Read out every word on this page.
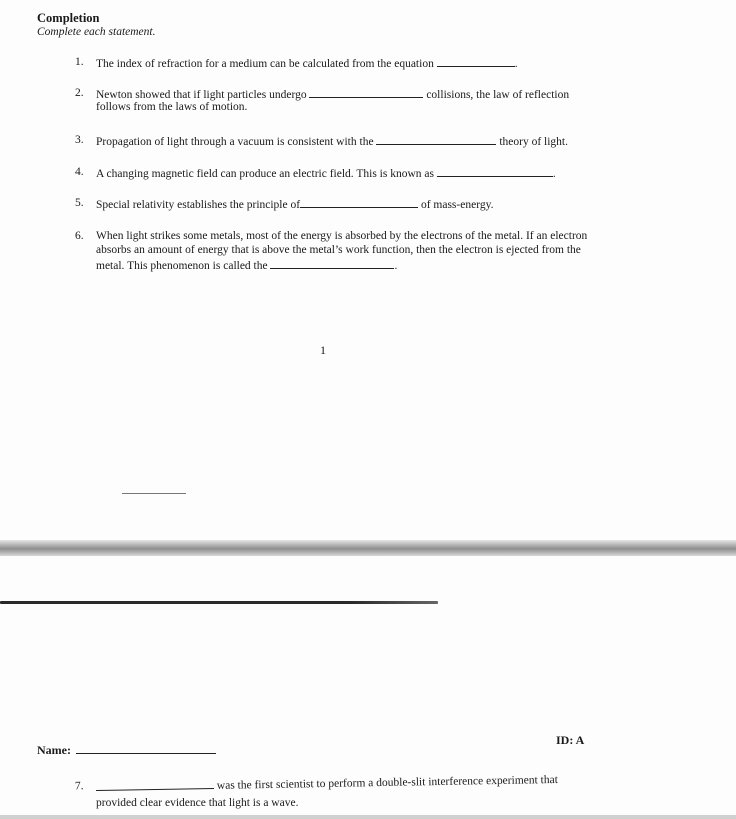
Completion
Complete each statement.
1. The index of refraction for a medium can be calculated from the equation	.
2. Newton showed that if light particles undergo	collisions, the law of reflection
follows from the laws of motion.
3. Propagation of light through a vacuum is consistent with the	theory of light.
4. A changing magnetic field can produce an electric field. This is known as	.
5. Special relativity establishes the principle of	of mass-energy.
6. When light strikes some metals, most of the energy is absorbed by the electrons of the metal. If an electron
absorbs an amount of energy that is above the metal’s work function, then the electron is ejected from the
metal. This phenomenon is called the	.
1
Name:
ID: A
7.	was the first scientist to perform a double-slit interference experiment that
provided clear evidence that light is a wave.
